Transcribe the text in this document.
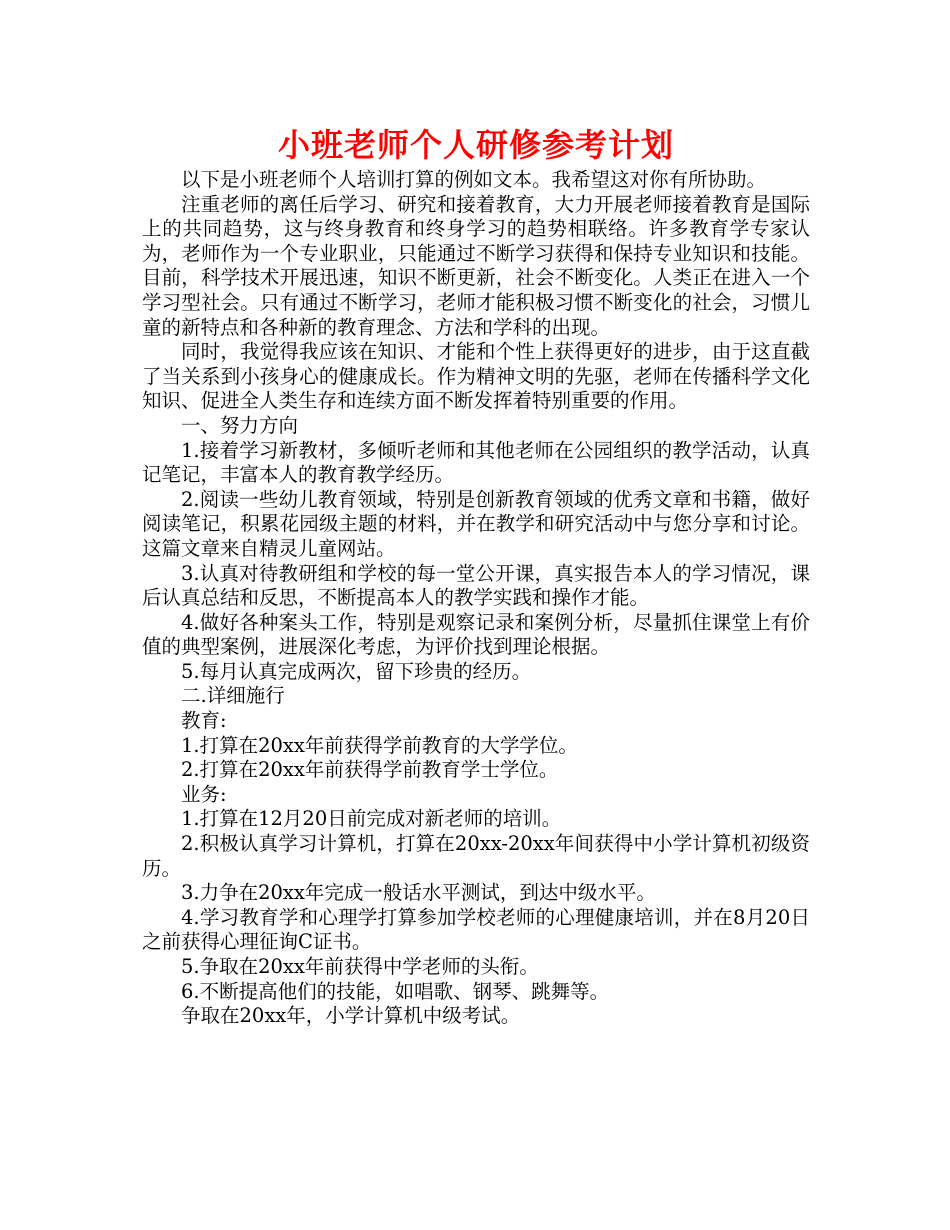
小班老师个人研修参考计划

以下是小班老师个人培训打算的例如文本。我希望这对你有所协助。

注重老师的离任后学习、研究和接着教育，大力开展老师接着教育是国际上的共同趋势，这与终身教育和终身学习的趋势相联络。许多教育学专家认为，老师作为一个专业职业，只能通过不断学习获得和保持专业知识和技能。目前，科学技术开展迅速，知识不断更新，社会不断变化。人类正在进入一个学习型社会。只有通过不断学习，老师才能积极习惯不断变化的社会，习惯儿童的新特点和各种新的教育理念、方法和学科的出现。

同时，我觉得我应该在知识、才能和个性上获得更好的进步，由于这直截了当关系到小孩身心的健康成长。作为精神文明的先驱，老师在传播科学文化知识、促进全人类生存和连续方面不断发挥着特别重要的作用。

一、努力方向

1.接着学习新教材，多倾听老师和其他老师在公园组织的教学活动，认真记笔记，丰富本人的教育教学经历。

2.阅读一些幼儿教育领域，特别是创新教育领域的优秀文章和书籍，做好阅读笔记，积累花园级主题的材料，并在教学和研究活动中与您分享和讨论。这篇文章来自精灵儿童网站。

3.认真对待教研组和学校的每一堂公开课，真实报告本人的学习情况，课后认真总结和反思，不断提高本人的教学实践和操作才能。

4.做好各种案头工作，特别是观察记录和案例分析，尽量抓住课堂上有价值的典型案例，进展深化考虑，为评价找到理论根据。

5.每月认真完成两次，留下珍贵的经历。

二.详细施行

教育:

1.打算在20xx年前获得学前教育的大学学位。

2.打算在20xx年前获得学前教育学士学位。

业务:

1.打算在12月20日前完成对新老师的培训。

2.积极认真学习计算机，打算在20xx-20xx年间获得中小学计算机初级资历。

3.力争在20xx年完成一般话水平测试，到达中级水平。

4.学习教育学和心理学打算参加学校老师的心理健康培训，并在8月20日之前获得心理征询C证书。

5.争取在20xx年前获得中学老师的头衔。

6.不断提高他们的技能，如唱歌、钢琴、跳舞等。

争取在20xx年，小学计算机中级考试。
